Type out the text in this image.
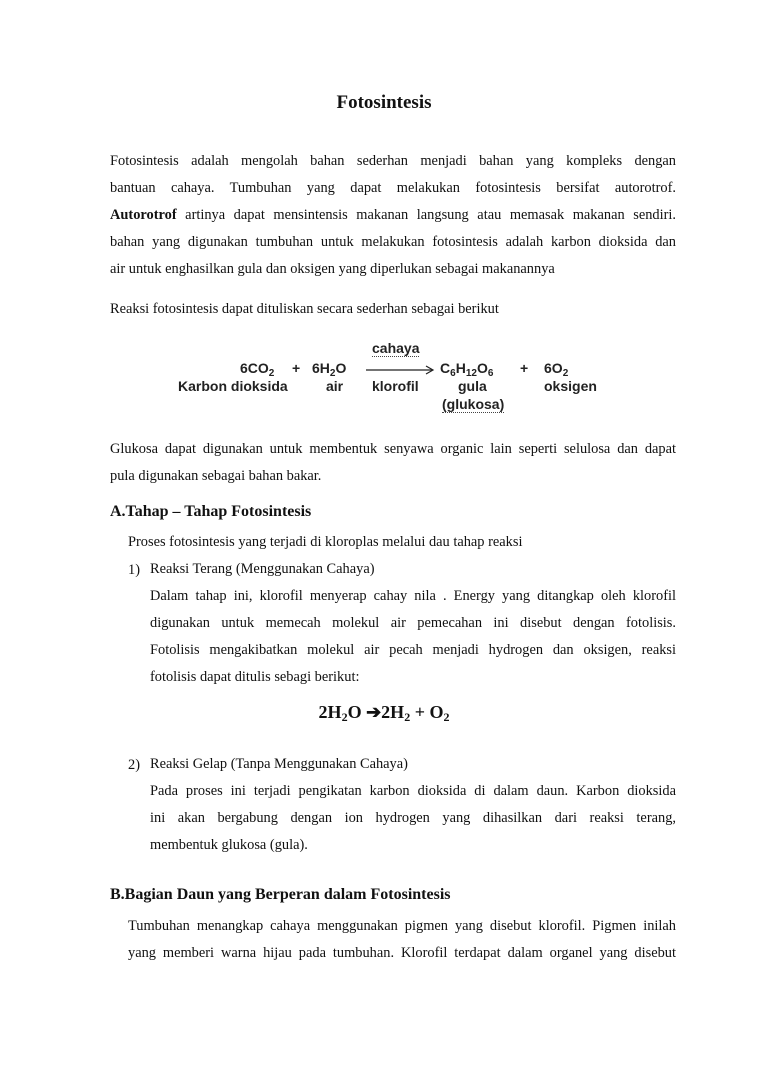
Fotosintesis
Fotosintesis adalah mengolah bahan sederhan menjadi bahan yang kompleks dengan
bantuan cahaya. Tumbuhan yang dapat melakukan fotosintesis bersifat autorotrof.
Autorotrof artinya dapat mensintensis makanan langsung atau memasak makanan sendiri.
bahan yang digunakan tumbuhan untuk melakukan fotosintesis adalah karbon dioksida dan
air untuk enghasilkan gula dan oksigen yang diperlukan sebagai makanannya
Reaksi fotosintesis dapat dituliskan secara sederhan sebagai berikut
$6CO_2 + 6H_2O$
cahaya
$C_6H_{12}O_6 + 6O_2$
Karbon dioksida	air klorofil	gula	oksigen
(glukosa)
Glukosa dapat digunakan untuk membentuk senyawa organic lain seperti selulosa dan dapat
pula digunakan sebagai bahan bakar.
A.Tahap – Tahap Fotosintesis
Proses fotosintesis yang terjadi di kloroplas melalui dau tahap reaksi
1) Reaksi Terang (Menggunakan Cahaya)
Dalam tahap ini, klorofil menyerap cahay nila . Energy yang ditangkap oleh klorofil
digunakan untuk memecah molekul air pemecahan ini disebut dengan fotolisis.
Fotolisis mengakibatkan molekul air pecah menjadi hydrogen dan oksigen, reaksi
fotolisis dapat ditulis sebagi berikut:
$2H_2O$ $➔2H_2 + O_2$
2) Reaksi Gelap (Tanpa Menggunakan Cahaya)
Pada proses ini terjadi pengikatan karbon dioksida di dalam daun. Karbon dioksida
ini akan bergabung dengan ion hydrogen yang dihasilkan dari reaksi terang,
membentuk glukosa (gula).
B.Bagian Daun yang Berperan dalam Fotosintesis
Tumbuhan menangkap cahaya menggunakan pigmen yang disebut klorofil. Pigmen inilah
yang memberi warna hijau pada tumbuhan. Klorofil terdapat dalam organel yang disebut
